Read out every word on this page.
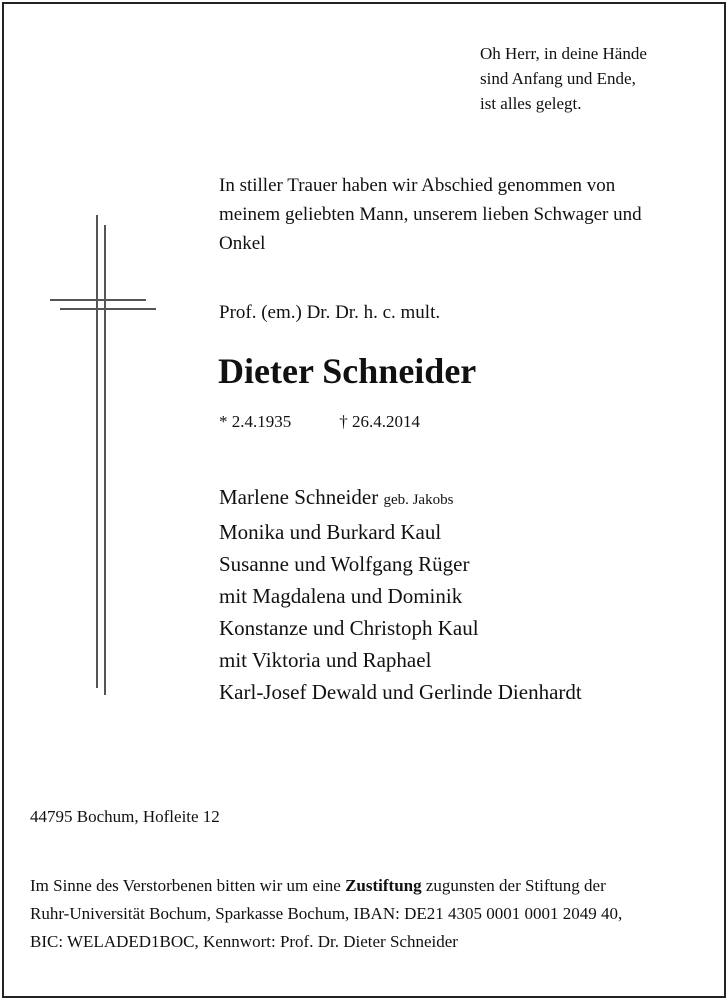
Oh Herr, in deine Hände
sind Anfang und Ende,
ist alles gelegt.
In stiller Trauer haben wir Abschied genommen von
meinem geliebten Mann, unserem lieben Schwager und
Onkel
Prof. (em.) Dr. Dr. h. c. mult.
Dieter Schneider
* 2.4.1935	† 26.4.2014
Marlene Schneider geb. Jakobs
Monika und Burkard Kaul
Susanne und Wolfgang Rüger
mit Magdalena und Dominik
Konstanze und Christoph Kaul
mit Viktoria und Raphael
Karl-Josef Dewald und Gerlinde Dienhardt
44795 Bochum, Hofleite 12
Im Sinne des Verstorbenen bitten wir um eine Zustiftung zugunsten der Stiftung der
Ruhr-Universität Bochum, Sparkasse Bochum, IBAN: DE21 4305 0001 0001 2049 40,
BIC: WELADED1BOC, Kennwort: Prof. Dr. Dieter Schneider
